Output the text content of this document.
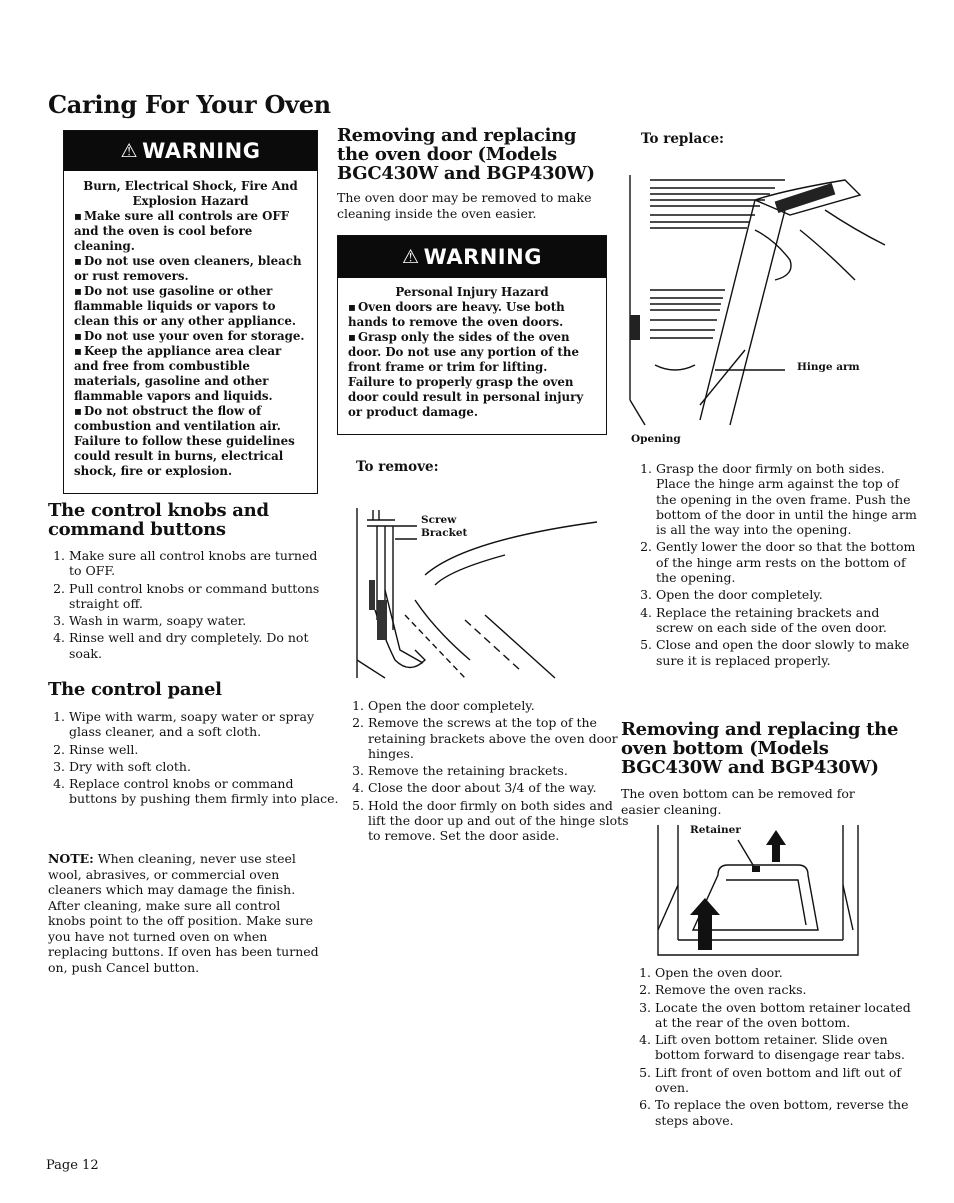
Caring For Your Oven
⚠ WARNING
Burn, Electrical Shock, Fire And Explosion Hazard
▪ Make sure all controls are OFF and the oven is cool before cleaning.
▪ Do not use oven cleaners, bleach or rust removers.
▪ Do not use gasoline or other flammable liquids or vapors to clean this or any other appliance.
▪ Do not use your oven for storage.
▪ Keep the appliance area clear and free from combustible materials, gasoline and other flammable vapors and liquids.
▪ Do not obstruct the flow of combustion and ventilation air.
Failure to follow these guidelines could result in burns, electrical shock, fire or explosion.
The control knobs and command buttons
1. Make sure all control knobs are turned to OFF.
2. Pull control knobs or command buttons straight off.
3. Wash in warm, soapy water.
4. Rinse well and dry completely. Do not soak.
The control panel
1. Wipe with warm, soapy water or spray glass cleaner, and a soft cloth.
2. Rinse well.
3. Dry with soft cloth.
4. Replace control knobs or command buttons by pushing them firmly into place.
NOTE: When cleaning, never use steel wool, abrasives, or commercial oven cleaners which may damage the finish. After cleaning, make sure all control knobs point to the off position. Make sure you have not turned oven on when replacing buttons. If oven has been turned on, push Cancel button.
Removing and replacing the oven door (Models BGC430W and BGP430W)
The oven door may be removed to make cleaning inside the oven easier.
⚠ WARNING
Personal Injury Hazard
▪ Oven doors are heavy. Use both hands to remove the oven doors.
▪ Grasp only the sides of the oven door. Do not use any portion of the front frame or trim for lifting.
Failure to properly grasp the oven door could result in personal injury or product damage.
To remove:
Screw
Bracket
1. Open the door completely.
2. Remove the screws at the top of the retaining brackets above the oven door hinges.
3. Remove the retaining brackets.
4. Close the door about 3/4 of the way.
5. Hold the door firmly on both sides and lift the door up and out of the hinge slots to remove. Set the door aside.
To replace:
Hinge arm
Opening
1. Grasp the door firmly on both sides. Place the hinge arm against the top of the opening in the oven frame. Push the bottom of the door in until the hinge arm is all the way into the opening.
2. Gently lower the door so that the bottom of the hinge arm rests on the bottom of the opening.
3. Open the door completely.
4. Replace the retaining brackets and screw on each side of the oven door.
5. Close and open the door slowly to make sure it is replaced properly.
Removing and replacing the oven bottom (Models BGC430W and BGP430W)
The oven bottom can be removed for easier cleaning.
Retainer
1. Open the oven door.
2. Remove the oven racks.
3. Locate the oven bottom retainer located at the rear of the oven bottom.
4. Lift oven bottom retainer. Slide oven bottom forward to disengage rear tabs.
5. Lift front of oven bottom and lift out of oven.
6. To replace the oven bottom, reverse the steps above.
Page 12
